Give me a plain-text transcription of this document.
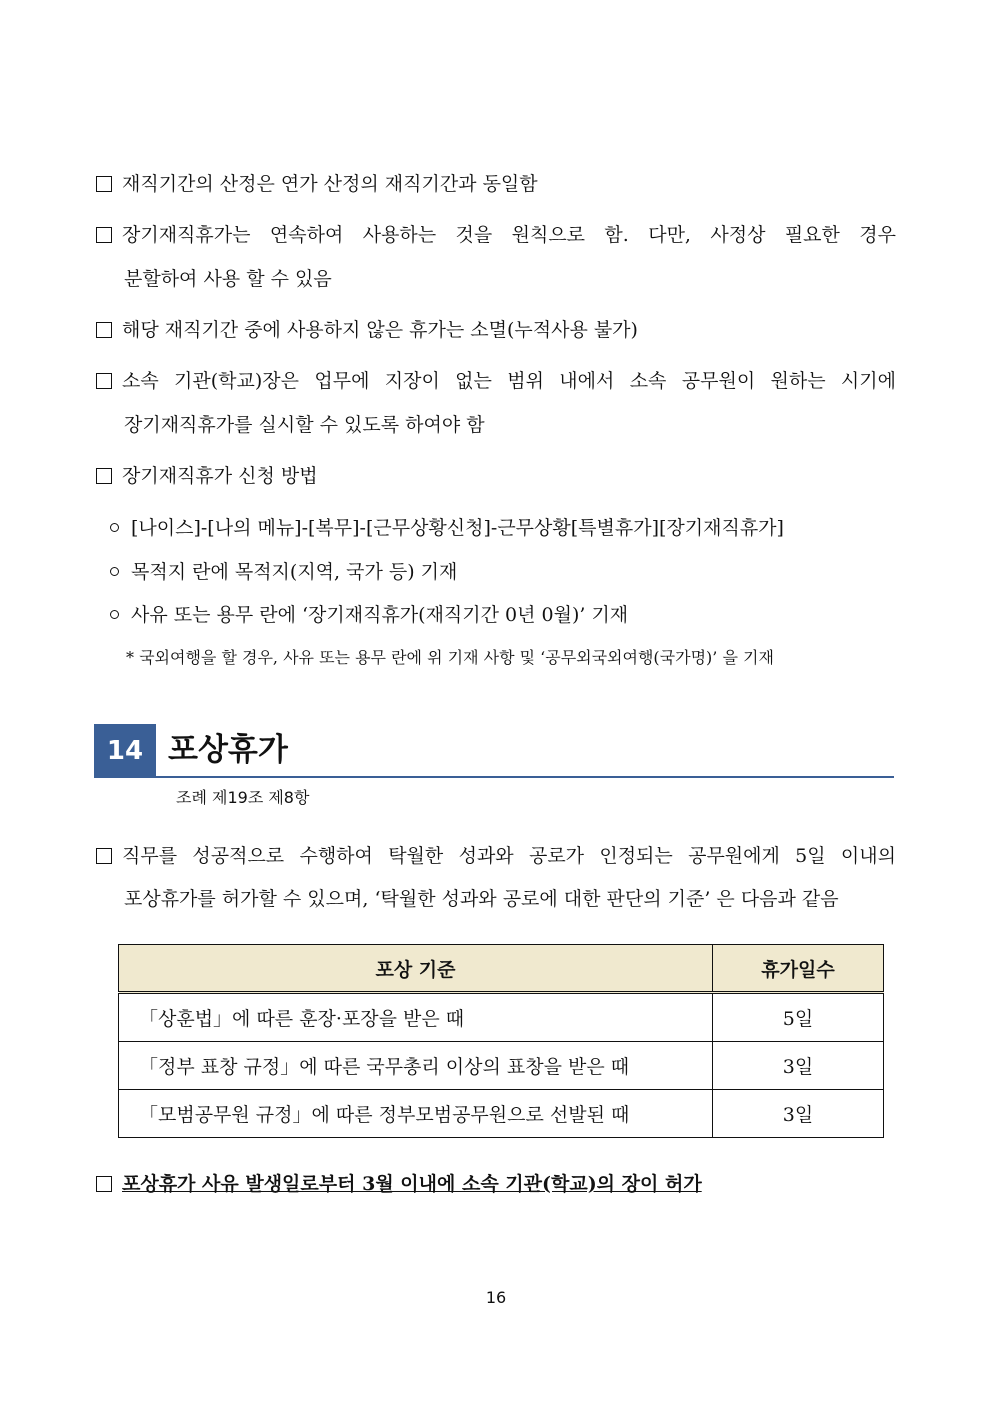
재직기간의 산정은 연가 산정의 재직기간과 동일함
장기재직휴가는 연속하여 사용하는 것을 원칙으로 함. 다만, 사정상 필요한 경우
분할하여 사용 할 수 있음
해당 재직기간 중에 사용하지 않은 휴가는 소멸(누적사용 불가)
소속 기관(학교)장은 업무에 지장이 없는 범위 내에서 소속 공무원이 원하는 시기에
장기재직휴가를 실시할 수 있도록 하여야 함
장기재직휴가 신청 방법
[나이스]-[나의 메뉴]-[복무]-[근무상황신청]-근무상황[특별휴가][장기재직휴가]
목적지 란에 목적지(지역, 국가 등) 기재
사유 또는 용무 란에 ‘장기재직휴가(재직기간 0년 0월)’ 기재
* 국외여행을 할 경우, 사유 또는 용무 란에 위 기재 사항 및 ‘공무외국외여행(국가명)’ 을 기재
14 포상휴가
조례 제19조 제8항
직무를 성공적으로 수행하여 탁월한 성과와 공로가 인정되는 공무원에게 5일 이내의
포상휴가를 허가할 수 있으며, ‘탁월한 성과와 공로에 대한 판단의 기준’ 은 다음과 같음
포상 기준	휴가일수
「상훈법」에 따른 훈장·포장을 받은 때	5일
「정부 표창 규정」에 따른 국무총리 이상의 표창을 받은 때	3일
「모범공무원 규정」에 따른 정부모범공무원으로 선발된 때	3일
포상휴가 사유 발생일로부터 3월 이내에 소속 기관(학교)의 장이 허가
16
